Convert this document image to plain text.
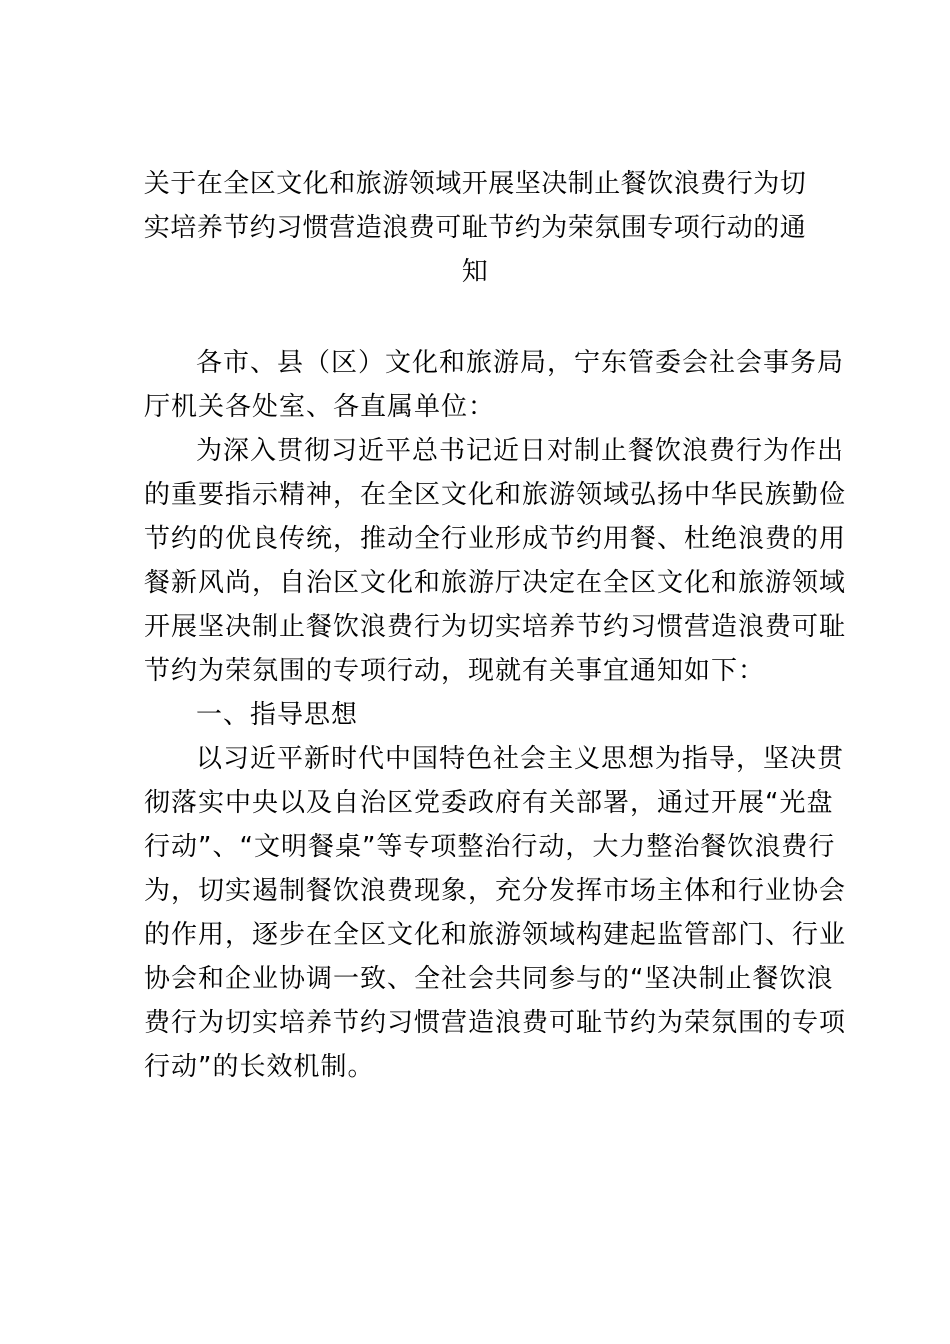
关于在全区文化和旅游领域开展坚决制止餐饮浪费行为切
实培养节约习惯营造浪费可耻节约为荣氛围专项行动的通
知
各市、县（区）文化和旅游局，宁东管委会社会事务局
厅机关各处室、各直属单位：
为深入贯彻习近平总书记近日对制止餐饮浪费行为作出
的重要指示精神，在全区文化和旅游领域弘扬中华民族勤俭
节约的优良传统，推动全行业形成节约用餐、杜绝浪费的用
餐新风尚，自治区文化和旅游厅决定在全区文化和旅游领域
开展坚决制止餐饮浪费行为切实培养节约习惯营造浪费可耻
节约为荣氛围的专项行动，现就有关事宜通知如下：
一、指导思想
以习近平新时代中国特色社会主义思想为指导，坚决贯
彻落实中央以及自治区党委政府有关部署，通过开展“光盘
行动”、“文明餐桌”等专项整治行动，大力整治餐饮浪费行
为，切实遏制餐饮浪费现象，充分发挥市场主体和行业协会
的作用，逐步在全区文化和旅游领域构建起监管部门、行业
协会和企业协调一致、全社会共同参与的“坚决制止餐饮浪
费行为切实培养节约习惯营造浪费可耻节约为荣氛围的专项
行动”的长效机制。
